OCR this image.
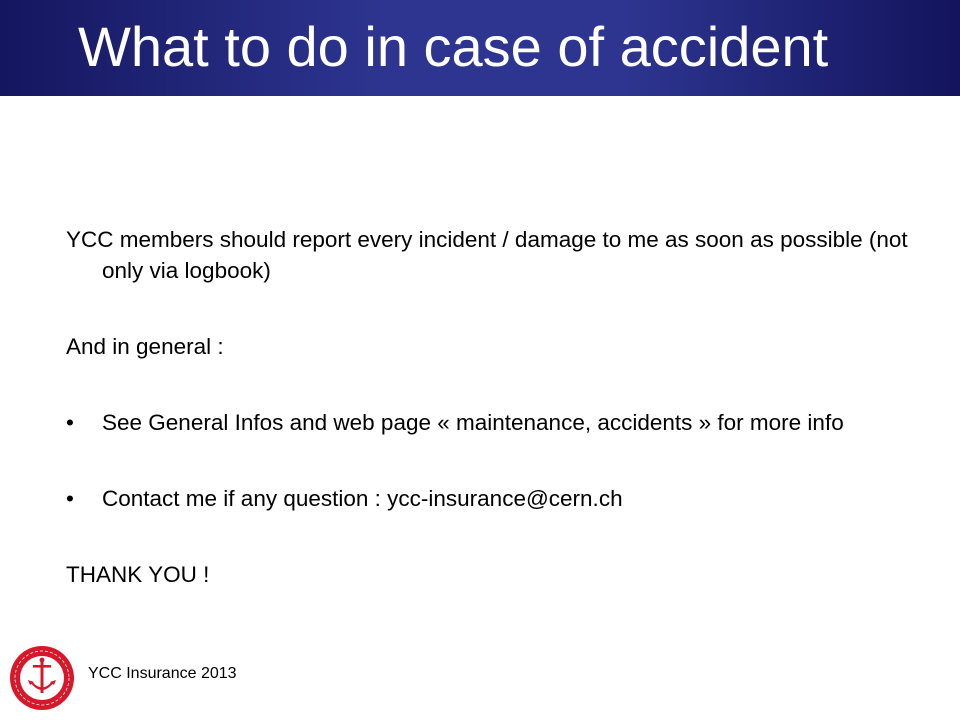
What to do in case of accident

YCC members should report every incident / damage to me as soon as possible (not only via logbook)

And in general :

• See General Infos and web page « maintenance, accidents » for more info
• Contact me if any question : ycc-insurance@cern.ch

THANK YOU !

YCC Insurance 2013
